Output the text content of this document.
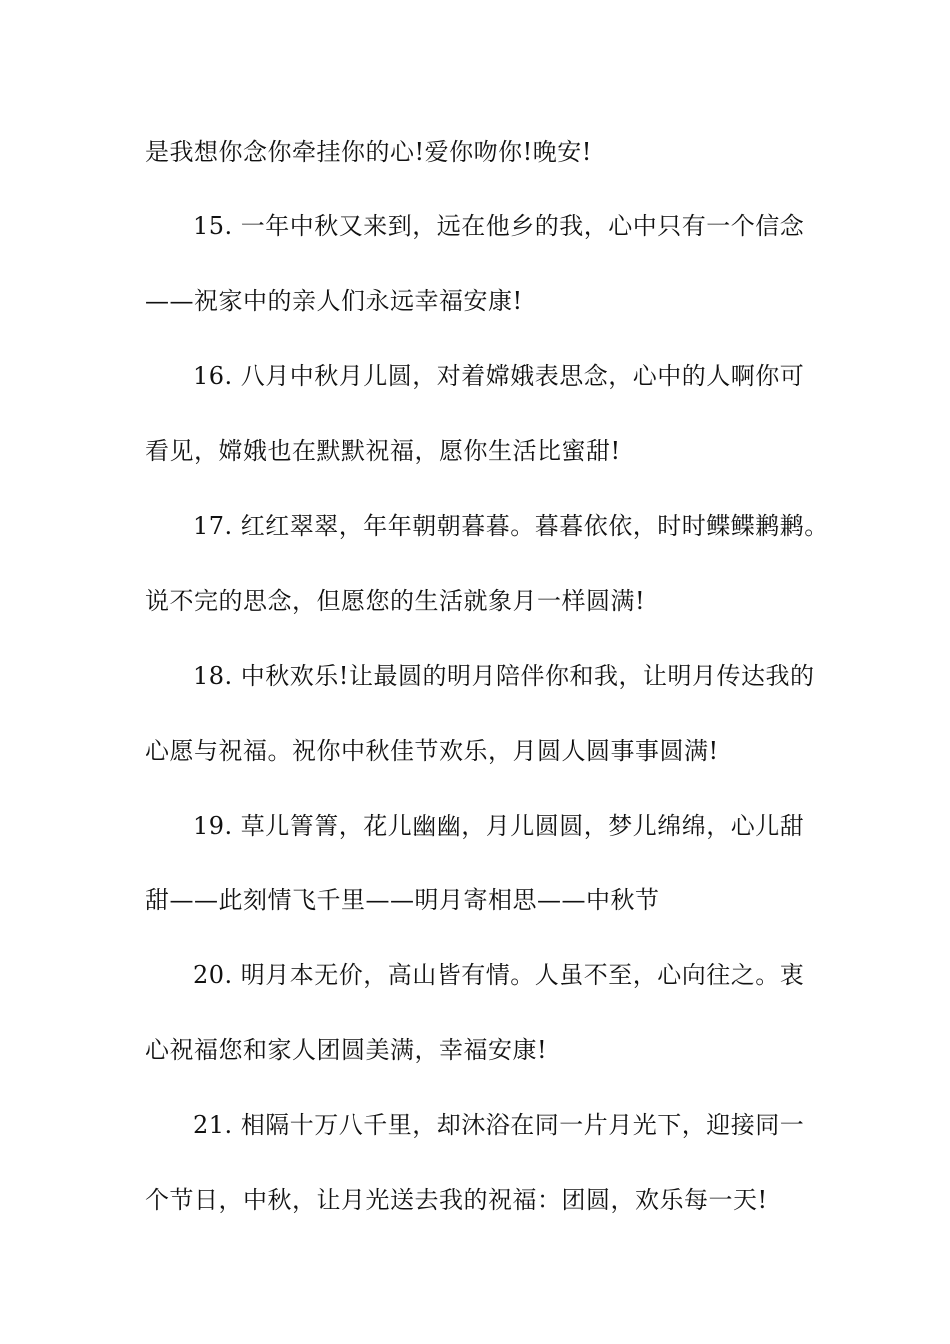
是我想你念你牵挂你的心!爱你吻你!晚安!
15. 一年中秋又来到，远在他乡的我，心中只有一个信念
——祝家中的亲人们永远幸福安康!
16. 八月中秋月儿圆，对着嫦娥表思念，心中的人啊你可
看见，嫦娥也在默默祝福，愿你生活比蜜甜!
17. 红红翠翠，年年朝朝暮暮。暮暮依依，时时鲽鲽鹣鹣。
说不完的思念，但愿您的生活就象月一样圆满!
18. 中秋欢乐!让最圆的明月陪伴你和我，让明月传达我的
心愿与祝福。祝你中秋佳节欢乐，月圆人圆事事圆满!
19. 草儿箐箐，花儿幽幽，月儿圆圆，梦儿绵绵，心儿甜
甜——此刻情飞千里——明月寄相思——中秋节
20. 明月本无价，高山皆有情。人虽不至，心向往之。衷
心祝福您和家人团圆美满，幸福安康!
21. 相隔十万八千里，却沐浴在同一片月光下，迎接同一
个节日，中秋，让月光送去我的祝福：团圆，欢乐每一天!
